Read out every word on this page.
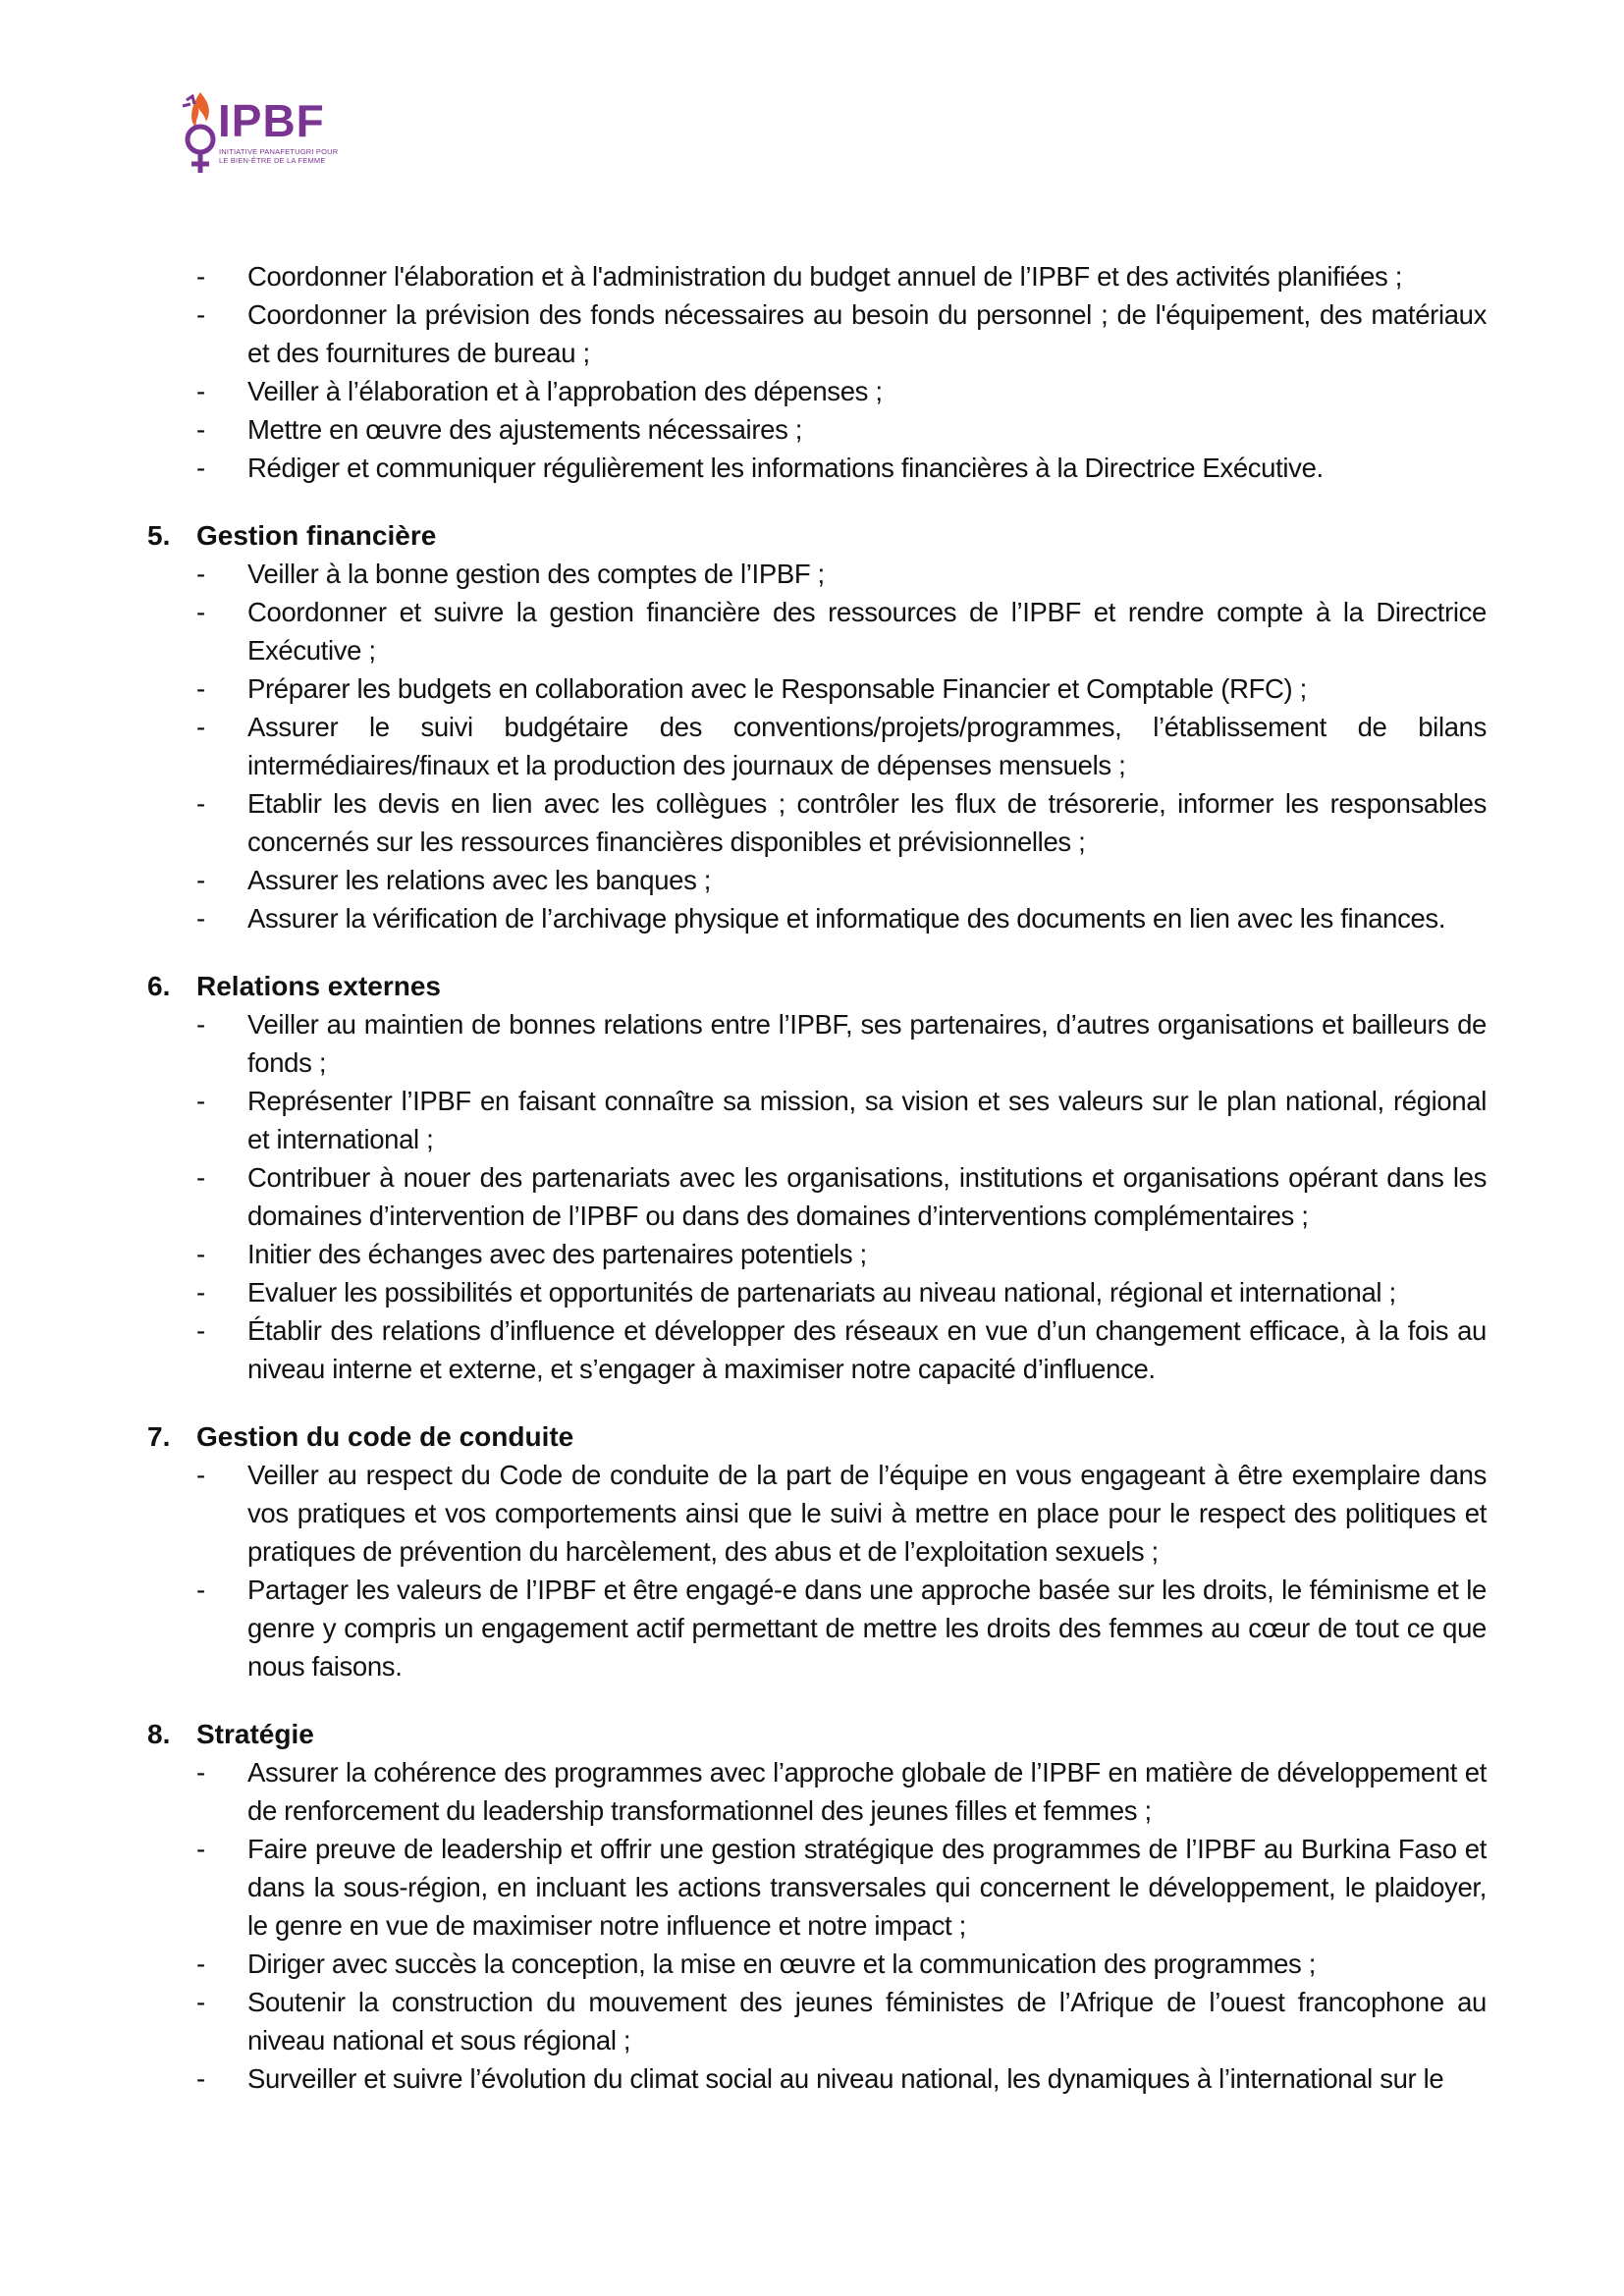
IPBF
INITIATIVE PANAFETUGRI POUR LE BIEN-ÊTRE DE LA FEMME
- Coordonner l'élaboration et à l'administration du budget annuel de l’IPBF et des activités planifiées ;
- Coordonner la prévision des fonds nécessaires au besoin du personnel ; de l'équipement, des matériaux et des fournitures de bureau ;
- Veiller à l’élaboration et à l’approbation des dépenses ;
- Mettre en œuvre des ajustements nécessaires ;
- Rédiger et communiquer régulièrement les informations financières à la Directrice Exécutive.
5. Gestion financière
- Veiller à la bonne gestion des comptes de l’IPBF ;
- Coordonner et suivre la gestion financière des ressources de l’IPBF et rendre compte à la Directrice Exécutive ;
- Préparer les budgets en collaboration avec le Responsable Financier et Comptable (RFC) ;
- Assurer le suivi budgétaire des conventions/projets/programmes, l’établissement de bilans intermédiaires/finaux et la production des journaux de dépenses mensuels ;
- Etablir les devis en lien avec les collègues ; contrôler les flux de trésorerie, informer les responsables concernés sur les ressources financières disponibles et prévisionnelles ;
- Assurer les relations avec les banques ;
- Assurer la vérification de l’archivage physique et informatique des documents en lien avec les finances.
6. Relations externes
- Veiller au maintien de bonnes relations entre l’IPBF, ses partenaires, d’autres organisations et bailleurs de fonds ;
- Représenter l’IPBF en faisant connaître sa mission, sa vision et ses valeurs sur le plan national, régional et international ;
- Contribuer à nouer des partenariats avec les organisations, institutions et organisations opérant dans les domaines d’intervention de l’IPBF ou dans des domaines d’interventions complémentaires ;
- Initier des échanges avec des partenaires potentiels ;
- Evaluer les possibilités et opportunités de partenariats au niveau national, régional et international ;
- Établir des relations d’influence et développer des réseaux en vue d’un changement efficace, à la fois au niveau interne et externe, et s’engager à maximiser notre capacité d’influence.
7. Gestion du code de conduite
- Veiller au respect du Code de conduite de la part de l’équipe en vous engageant à être exemplaire dans vos pratiques et vos comportements ainsi que le suivi à mettre en place pour le respect des politiques et pratiques de prévention du harcèlement, des abus et de l’exploitation sexuels ;
- Partager les valeurs de l’IPBF et être engagé-e dans une approche basée sur les droits, le féminisme et le genre y compris un engagement actif permettant de mettre les droits des femmes au cœur de tout ce que nous faisons.
8. Stratégie
- Assurer la cohérence des programmes avec l’approche globale de l’IPBF en matière de développement et de renforcement du leadership transformationnel des jeunes filles et femmes ;
- Faire preuve de leadership et offrir une gestion stratégique des programmes de l’IPBF au Burkina Faso et dans la sous-région, en incluant les actions transversales qui concernent le développement, le plaidoyer, le genre en vue de maximiser notre influence et notre impact ;
- Diriger avec succès la conception, la mise en œuvre et la communication des programmes ;
- Soutenir la construction du mouvement des jeunes féministes de l’Afrique de l’ouest francophone au niveau national et sous régional ;
- Surveiller et suivre l’évolution du climat social au niveau national, les dynamiques à l’international sur le
